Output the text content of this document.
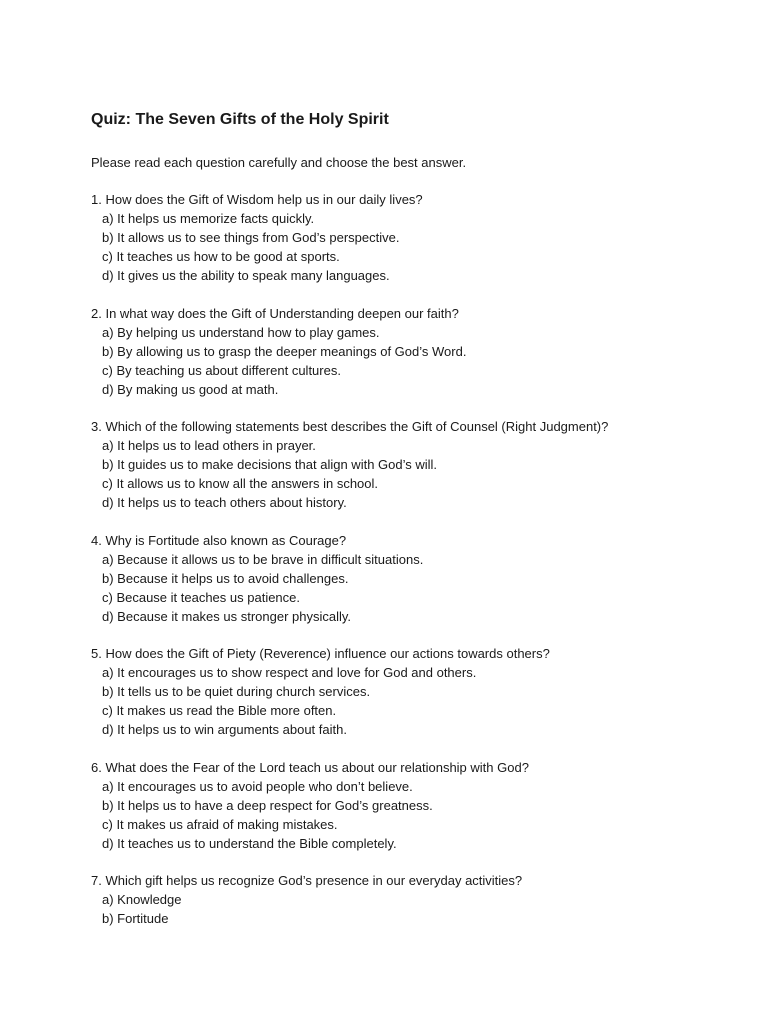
Quiz: The Seven Gifts of the Holy Spirit

Please read each question carefully and choose the best answer.

1. How does the Gift of Wisdom help us in our daily lives?

a) It helps us memorize facts quickly.
b) It allows us to see things from God’s perspective.
c) It teaches us how to be good at sports.
d) It gives us the ability to speak many languages.

2. In what way does the Gift of Understanding deepen our faith?

a) By helping us understand how to play games.
b) By allowing us to grasp the deeper meanings of God’s Word.
c) By teaching us about different cultures.
d) By making us good at math.

3. Which of the following statements best describes the Gift of Counsel (Right Judgment)?

a) It helps us to lead others in prayer.
b) It guides us to make decisions that align with God’s will.
c) It allows us to know all the answers in school.
d) It helps us to teach others about history.

4. Why is Fortitude also known as Courage?

a) Because it allows us to be brave in difficult situations.
b) Because it helps us to avoid challenges.
c) Because it teaches us patience.
d) Because it makes us stronger physically.

5. How does the Gift of Piety (Reverence) influence our actions towards others?

a) It encourages us to show respect and love for God and others.
b) It tells us to be quiet during church services.
c) It makes us read the Bible more often.
d) It helps us to win arguments about faith.

6. What does the Fear of the Lord teach us about our relationship with God?

a) It encourages us to avoid people who don’t believe.
b) It helps us to have a deep respect for God’s greatness.
c) It makes us afraid of making mistakes.
d) It teaches us to understand the Bible completely.

7. Which gift helps us recognize God’s presence in our everyday activities?

a) Knowledge
b) Fortitude
